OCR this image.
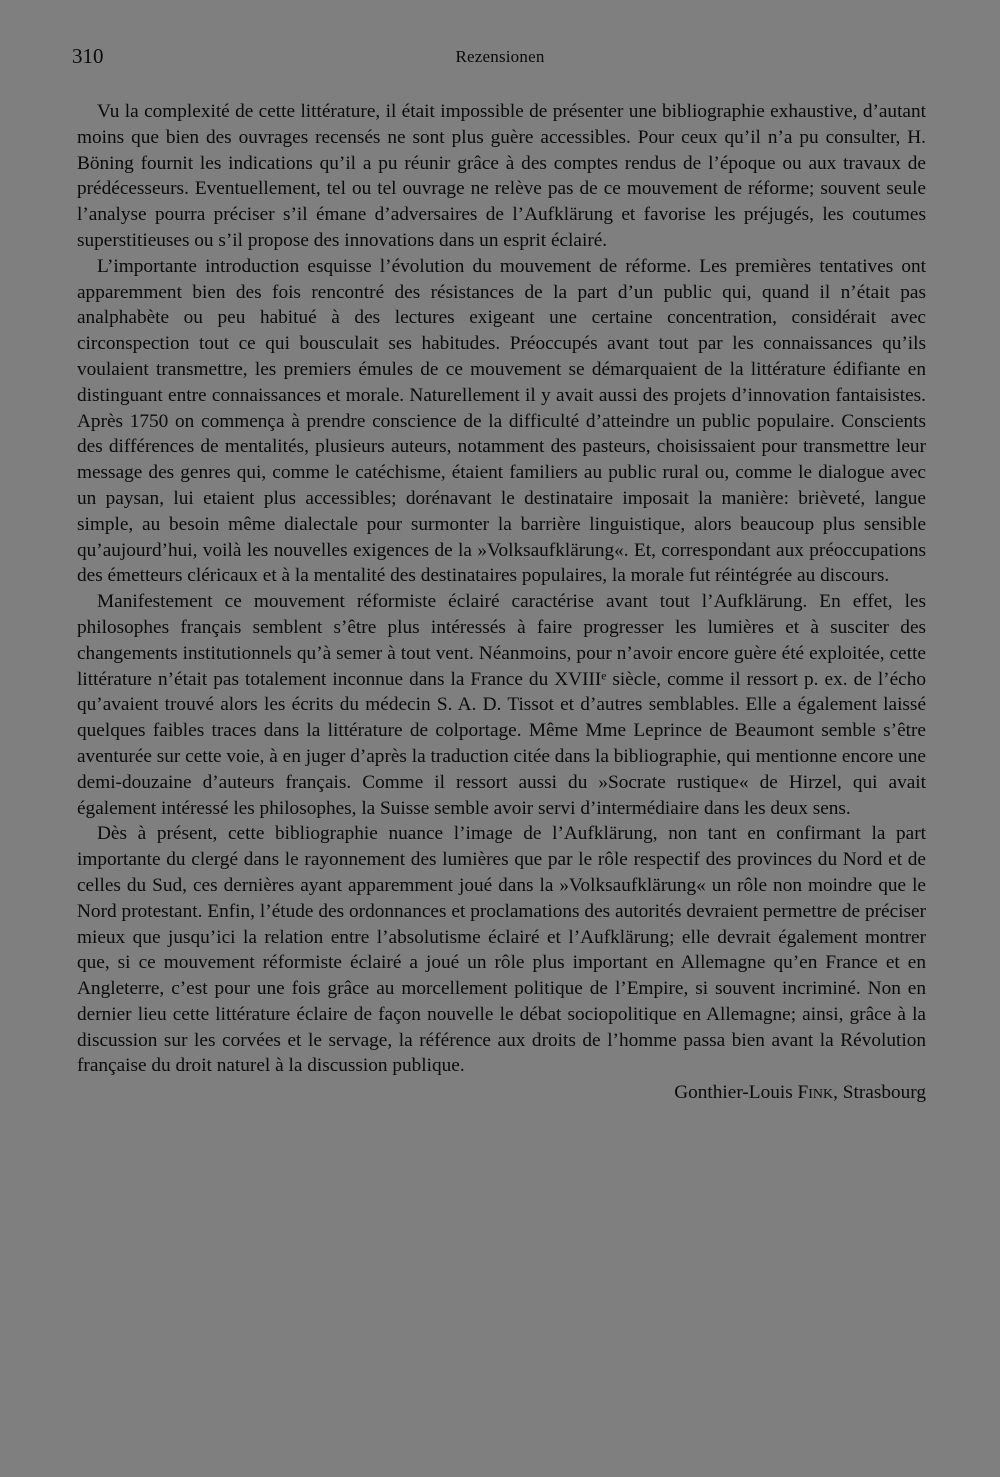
310	Rezensionen

Vu la complexité de cette littérature, il était impossible de présenter une bibliographie exhaustive, d’autant moins que bien des ouvrages recensés ne sont plus guère accessibles. Pour ceux qu’il n’a pu consulter, H. Böning fournit les indications qu’il a pu réunir grâce à des comptes rendus de l’époque ou aux travaux de prédécesseurs. Eventuellement, tel ou tel ouvrage ne relève pas de ce mouvement de réforme; souvent seule l’analyse pourra préciser s’il émane d’adversaires de l’Aufklärung et favorise les préjugés, les coutumes superstitieuses ou s’il propose des innovations dans un esprit éclairé.

L’importante introduction esquisse l’évolution du mouvement de réforme. Les premières tentatives ont apparemment bien des fois rencontré des résistances de la part d’un public qui, quand il n’était pas analphabète ou peu habitué à des lectures exigeant une certaine concentration, considérait avec circonspection tout ce qui bousculait ses habitudes. Préoccupés avant tout par les connaissances qu’ils voulaient transmettre, les premiers émules de ce mouvement se démarquaient de la littérature édifiante en distinguant entre connaissances et morale. Naturellement il y avait aussi des projets d’innovation fantaisistes. Après 1750 on commença à prendre conscience de la difficulté d’atteindre un public populaire. Conscients des différences de mentalités, plusieurs auteurs, notamment des pasteurs, choisissaient pour transmettre leur message des genres qui, comme le catéchisme, étaient familiers au public rural ou, comme le dialogue avec un paysan, lui etaient plus accessibles; dorénavant le destinataire imposait la manière: brièveté, langue simple, au besoin même dialectale pour surmonter la barrière linguistique, alors beaucoup plus sensible qu’aujourd’hui, voilà les nouvelles exigences de la »Volksaufklärung«. Et, correspondant aux préoccupations des émetteurs cléricaux et à la mentalité des destinataires populaires, la morale fut réintégrée au discours.

Manifestement ce mouvement réformiste éclairé caractérise avant tout l’Aufklärung. En effet, les philosophes français semblent s’être plus intéressés à faire progresser les lumières et à susciter des changements institutionnels qu’à semer à tout vent. Néanmoins, pour n’avoir encore guère été exploitée, cette littérature n’était pas totalement inconnue dans la France du XVIIIᵉ siècle, comme il ressort p. ex. de l’écho qu’avaient trouvé alors les écrits du médecin S. A. D. Tissot et d’autres semblables. Elle a également laissé quelques faibles traces dans la littérature de colportage. Même Mme Leprince de Beaumont semble s’être aventurée sur cette voie, à en juger d’après la traduction citée dans la bibliographie, qui mentionne encore une demi-douzaine d’auteurs français. Comme il ressort aussi du »Socrate rustique« de Hirzel, qui avait également intéressé les philosophes, la Suisse semble avoir servi d’intermédiaire dans les deux sens.

Dès à présent, cette bibliographie nuance l’image de l’Aufklärung, non tant en confirmant la part importante du clergé dans le rayonnement des lumières que par le rôle respectif des provinces du Nord et de celles du Sud, ces dernières ayant apparemment joué dans la »Volksaufklärung« un rôle non moindre que le Nord protestant. Enfin, l’étude des ordonnances et proclamations des autorités devraient permettre de préciser mieux que jusqu’ici la relation entre l’absolutisme éclairé et l’Aufklärung; elle devrait également montrer que, si ce mouvement réformiste éclairé a joué un rôle plus important en Allemagne qu’en France et en Angleterre, c’est pour une fois grâce au morcellement politique de l’Empire, si souvent incriminé. Non en dernier lieu cette littérature éclaire de façon nouvelle le débat sociopolitique en Allemagne; ainsi, grâce à la discussion sur les corvées et le servage, la référence aux droits de l’homme passa bien avant la Révolution française du droit naturel à la discussion publique.

Gonthier-Louis Fink, Strasbourg
